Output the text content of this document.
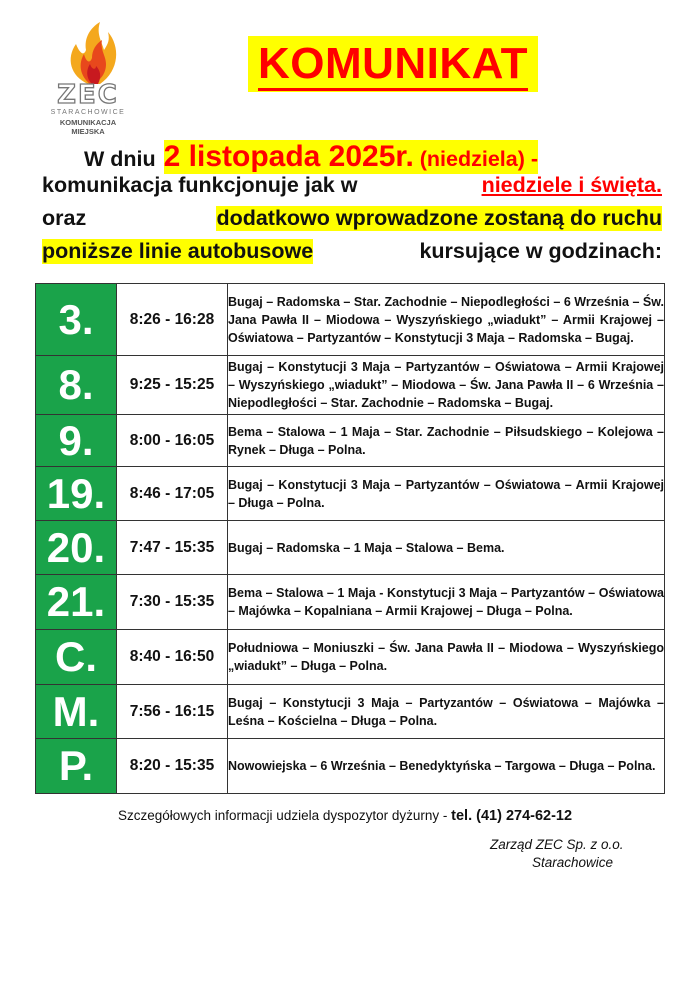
ZEC
STARACHOWICE
KOMUNIKACJA
MIEJSKA
KOMUNIKAT
W dniu 2 listopada 2025r. (niedziela) -
komunikacja funkcjonuje jak w	niedziele i święta.
oraz	dodatkowo wprowadzone zostaną do ruchu
poniższe linie autobusowe	kursujące w godzinach:
3.	8:26 - 16:28	Bugaj – Radomska – Star. Zachodnie – Niepodległości – 6 Września – Św. Jana Pawła II – Miodowa – Wyszyńskiego „wiadukt” – Armii Krajowej – Oświatowa – Partyzantów – Konstytucji 3 Maja – Radomska – Bugaj.
8.	9:25 - 15:25	Bugaj – Konstytucji 3 Maja – Partyzantów – Oświatowa – Armii Krajowej – Wyszyńskiego „wiadukt” – Miodowa – Św. Jana Pawła II – 6 Września – Niepodległości – Star. Zachodnie – Radomska – Bugaj.
9.	8:00 - 16:05	Bema – Stalowa – 1 Maja – Star. Zachodnie – Piłsudskiego – Kolejowa – Rynek – Długa – Polna.
19.	8:46 - 17:05	Bugaj – Konstytucji 3 Maja – Partyzantów – Oświatowa – Armii Krajowej – Długa – Polna.
20.	7:47 - 15:35	Bugaj – Radomska – 1 Maja – Stalowa – Bema.
21.	7:30 - 15:35	Bema – Stalowa – 1 Maja - Konstytucji 3 Maja – Partyzantów – Oświatowa – Majówka – Kopalniana – Armii Krajowej – Długa – Polna.
C.	8:40 - 16:50	Południowa – Moniuszki – Św. Jana Pawła II – Miodowa – Wyszyńskiego „wiadukt” – Długa – Polna.
M.	7:56 - 16:15	Bugaj – Konstytucji 3 Maja – Partyzantów – Oświatowa – Majówka – Leśna – Kościelna – Długa – Polna.
P.	8:20 - 15:35	Nowowiejska – 6 Września – Benedyktyńska – Targowa – Długa – Polna.
Szczegółowych informacji udziela dyspozytor dyżurny - tel. (41) 274-62-12
Zarząd ZEC Sp. z o.o.
Starachowice
